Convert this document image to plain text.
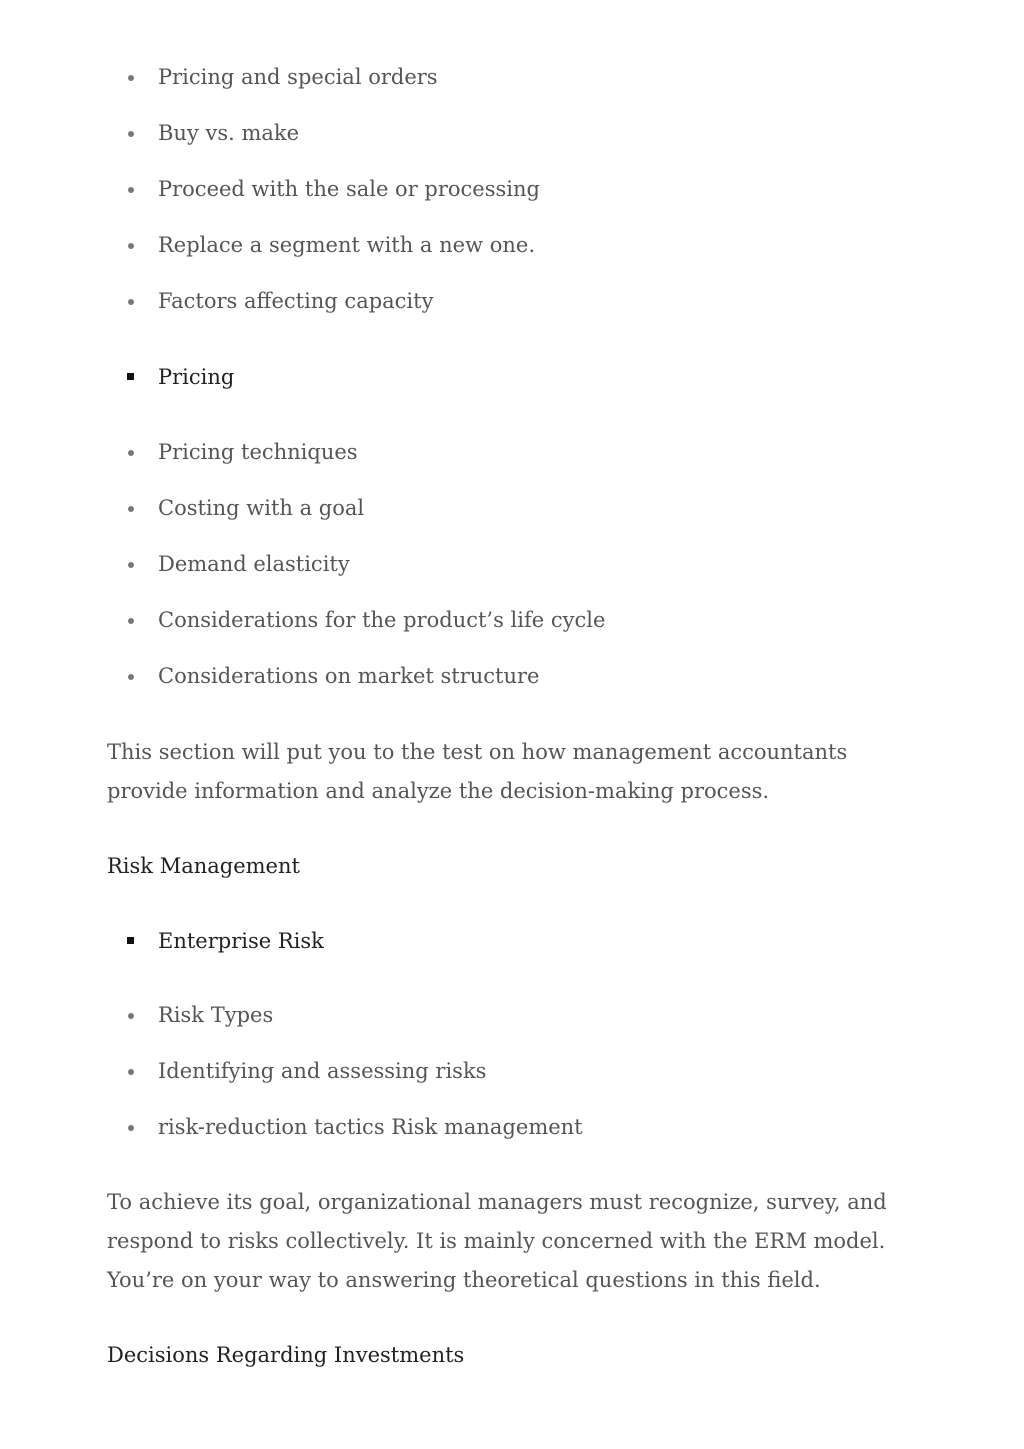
Pricing and special orders
Buy vs. make
Proceed with the sale or processing
Replace a segment with a new one.
Factors affecting capacity
Pricing
Pricing techniques
Costing with a goal
Demand elasticity
Considerations for the product’s life cycle
Considerations on market structure

This section will put you to the test on how management accountants provide information and analyze the decision-making process.

Risk Management
Enterprise Risk
Risk Types
Identifying and assessing risks
risk-reduction tactics Risk management

To achieve its goal, organizational managers must recognize, survey, and respond to risks collectively. It is mainly concerned with the ERM model. You’re on your way to answering theoretical questions in this field.

Decisions Regarding Investments
